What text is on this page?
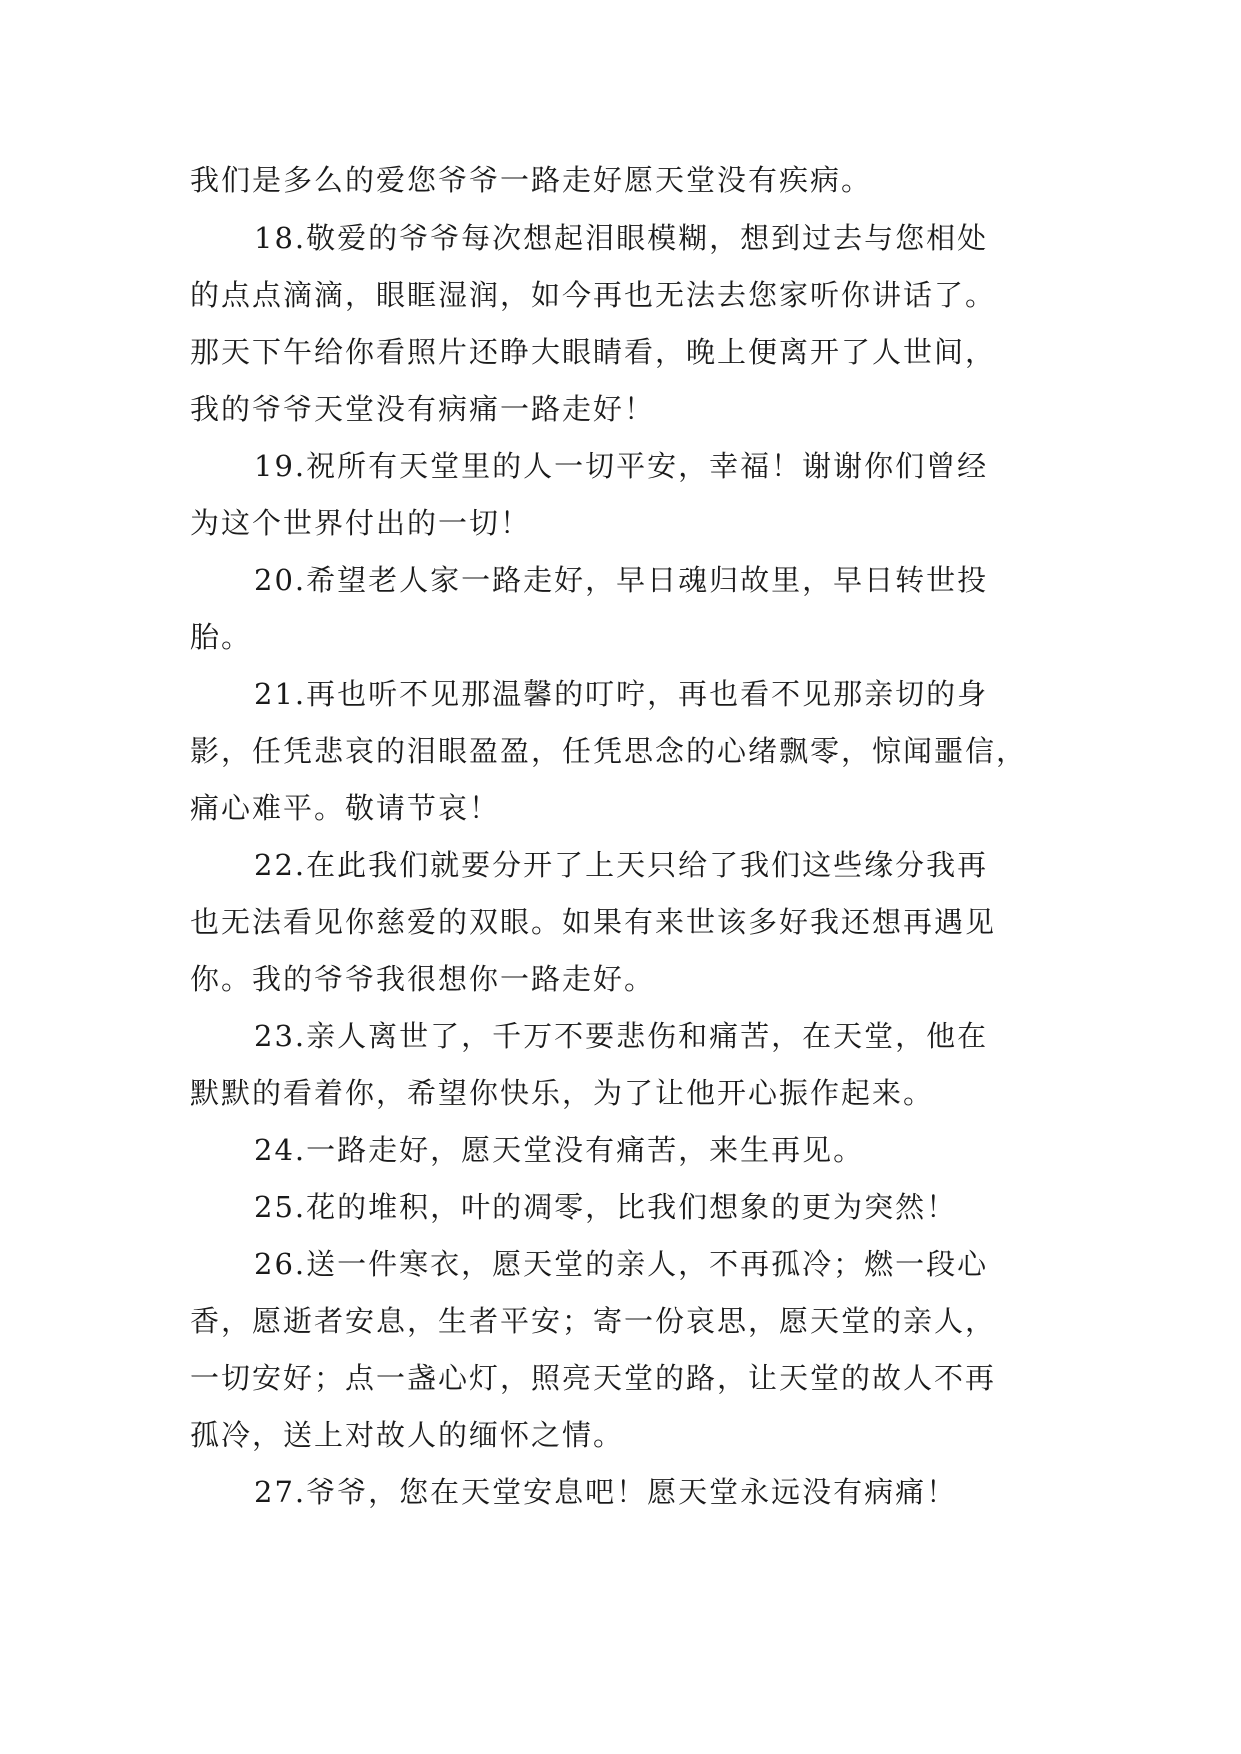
我们是多么的爱您爷爷一路走好愿天堂没有疾病。
18.敬爱的爷爷每次想起泪眼模糊，想到过去与您相处
的点点滴滴，眼眶湿润，如今再也无法去您家听你讲话了。
那天下午给你看照片还睁大眼睛看，晚上便离开了人世间，
我的爷爷天堂没有病痛一路走好！
19.祝所有天堂里的人一切平安，幸福！谢谢你们曾经
为这个世界付出的一切！
20.希望老人家一路走好，早日魂归故里，早日转世投
胎。
21.再也听不见那温馨的叮咛，再也看不见那亲切的身
影，任凭悲哀的泪眼盈盈，任凭思念的心绪飘零，惊闻噩信，
痛心难平。敬请节哀！
22.在此我们就要分开了上天只给了我们这些缘分我再
也无法看见你慈爱的双眼。如果有来世该多好我还想再遇见
你。我的爷爷我很想你一路走好。
23.亲人离世了，千万不要悲伤和痛苦，在天堂，他在
默默的看着你，希望你快乐，为了让他开心振作起来。
24.一路走好，愿天堂没有痛苦，来生再见。
25.花的堆积，叶的凋零，比我们想象的更为突然！
26.送一件寒衣，愿天堂的亲人，不再孤冷；燃一段心
香，愿逝者安息，生者平安；寄一份哀思，愿天堂的亲人，
一切安好；点一盏心灯，照亮天堂的路，让天堂的故人不再
孤冷，送上对故人的缅怀之情。
27.爷爷，您在天堂安息吧！愿天堂永远没有病痛！
